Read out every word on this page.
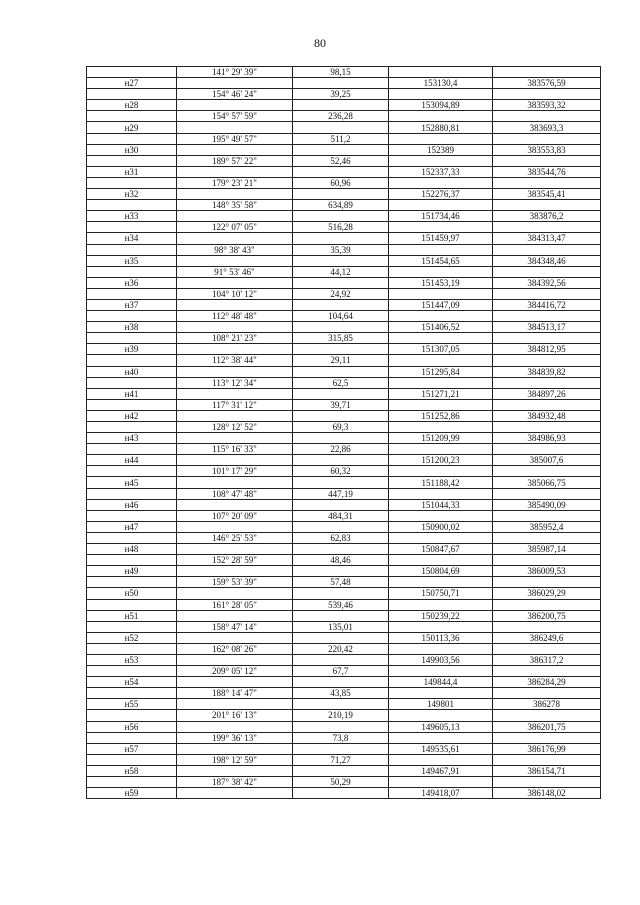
80
	141° 29' 39"	98,15		
н27			153130,4	383576,59
	154° 46' 24"	39,25		
н28			153094,89	383593,32
	154° 57' 59"	236,28		
н29			152880,81	383693,3
	195° 49' 57"	511,2		
н30			152389	383553,83
	189° 57' 22"	52,46		
н31			152337,33	383544,76
	179° 23' 21"	60,96		
н32			152276,37	383545,41
	148° 35' 58"	634,89		
н33			151734,46	383876,2
	122° 07' 05"	516,28		
н34			151459,97	384313,47
	98° 38' 43"	35,39		
н35			151454,65	384348,46
	91° 53' 46"	44,12		
н36			151453,19	384392,56
	104° 10' 12"	24,92		
н37			151447,09	384416,72
	112° 48' 48"	104,64		
н38			151406,52	384513,17
	108° 21' 23"	315,85		
н39			151307,05	384812,95
	112° 38' 44"	29,11		
н40			151295,84	384839,82
	113° 12' 34"	62,5		
н41			151271,21	384897,26
	117° 31' 12"	39,71		
н42			151252,86	384932,48
	128° 12' 52"	69,3		
н43			151209,99	384986,93
	115° 16' 33"	22,86		
н44			151200,23	385007,6
	101° 17' 29"	60,32		
н45			151188,42	385066,75
	108° 47' 48"	447,19		
н46			151044,33	385490,09
	107° 20' 09"	484,31		
н47			150900,02	385952,4
	146° 25' 53"	62,83		
н48			150847,67	385987,14
	152° 28' 59"	48,46		
н49			150804,69	386009,53
	159° 53' 39"	57,48		
н50			150750,71	386029,29
	161° 28' 05"	539,46		
н51			150239,22	386200,75
	158° 47' 14"	135,01		
н52			150113,36	386249,6
	162° 08' 26"	220,42		
н53			149903,56	386317,2
	209° 05' 12"	67,7		
н54			149844,4	386284,29
	188° 14' 47"	43,85		
н55			149801	386278
	201° 16' 13"	210,19		
н56			149605,13	386201,75
	199° 36' 13"	73,8		
н57			149535,61	386176,99
	198° 12' 59"	71,27		
н58			149467,91	386154,71
	187° 38' 42"	50,29		
н59			149418,07	386148,02
